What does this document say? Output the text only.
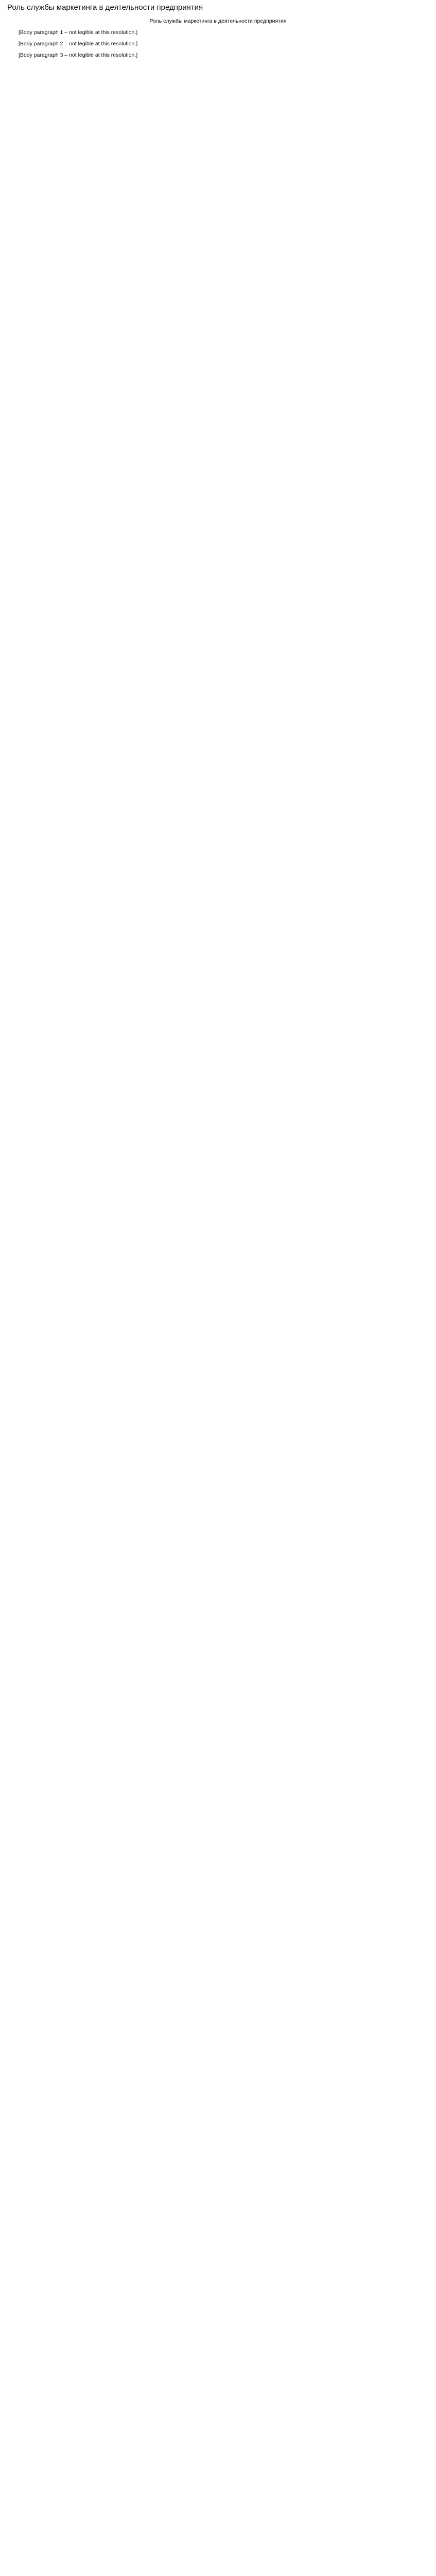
Роль службы маркетинга в деятельности предприятия
Роль службы маркетинга в деятельности предприятия
[Body paragraph 1 – not legible at this resolution.]
[Body paragraph 2 – not legible at this resolution.]
[Body paragraph 3 – not legible at this resolution.]
